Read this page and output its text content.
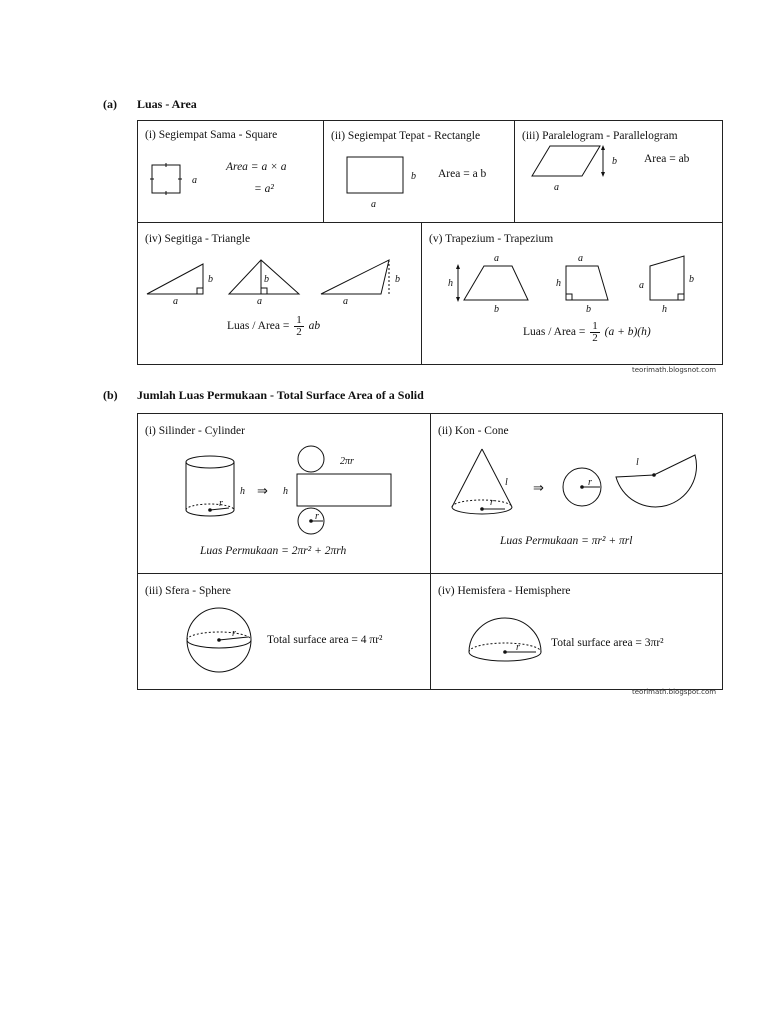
(a) Luas - Area
(i) Segiempat Sama - Square
a
Area = a × a
= a²
(ii) Segiempat Tepat - Rectangle
b
a
Area = a b
(iii) Paralelogram - Parallelogram
b
a
Area = ab
(iv) Segitiga - Triangle
b
a
b
a
b
a
Luas / Area = $\frac{1}{2}$ ab
(v) Trapezium - Trapezium
h
a
b
a
h
b
a
b
h
Luas / Area = $\frac{1}{2} (a + b)(h)$
teorimath.blogsnot.com
(b) Jumlah Luas Permukaan - Total Surface Area of a Solid
(i) Silinder - Cylinder
r
h ⇒ h
r
2πr
Luas Permukaan = 2πr² + 2πrh
(ii) Kon - Cone
r
l ⇒	r
l
Luas Permukaan = πr² + πrl
(iii) Sfera - Sphere
r
Total surface area = 4 πr²
(iv) Hemisfera - Hemisphere
r	Total surface area = 3πr²
teorimath.blogspot.com
